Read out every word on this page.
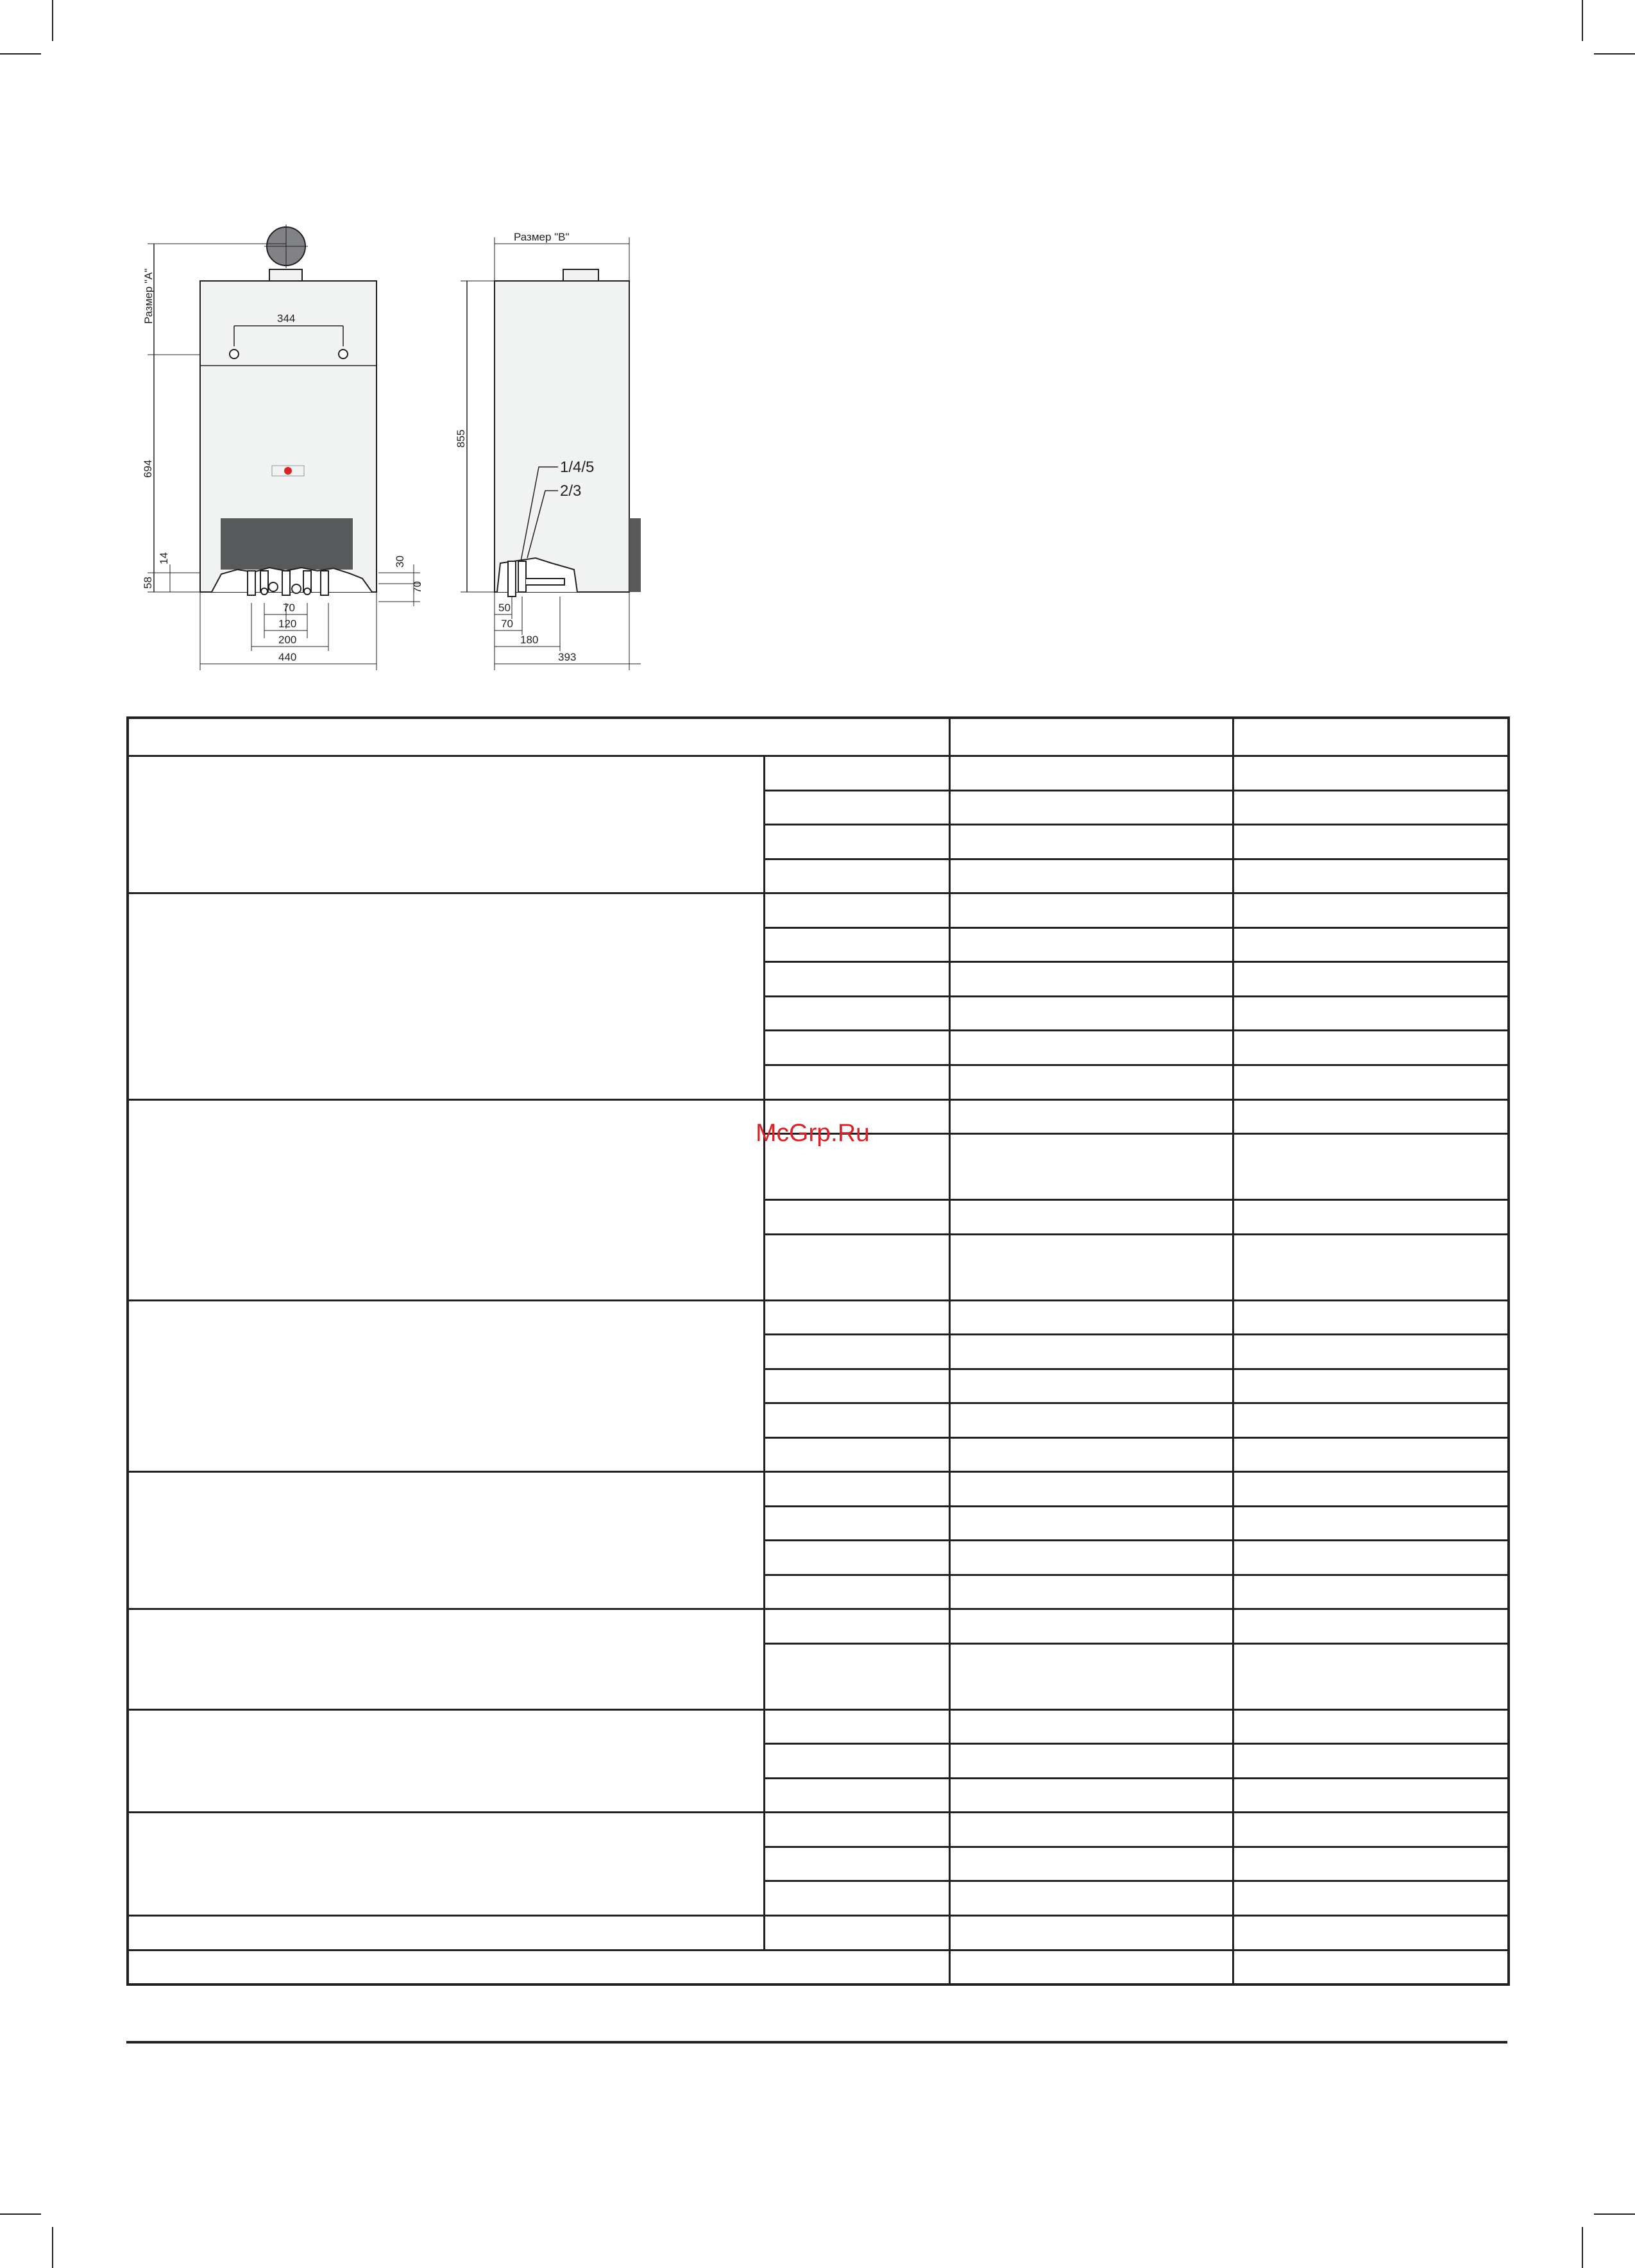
Размер "А"	344
694
14
58
30
70
70
120
200
440
Размер "В"
855
1/4/5
2/3
50
70
180
393

McGrp.Ru
